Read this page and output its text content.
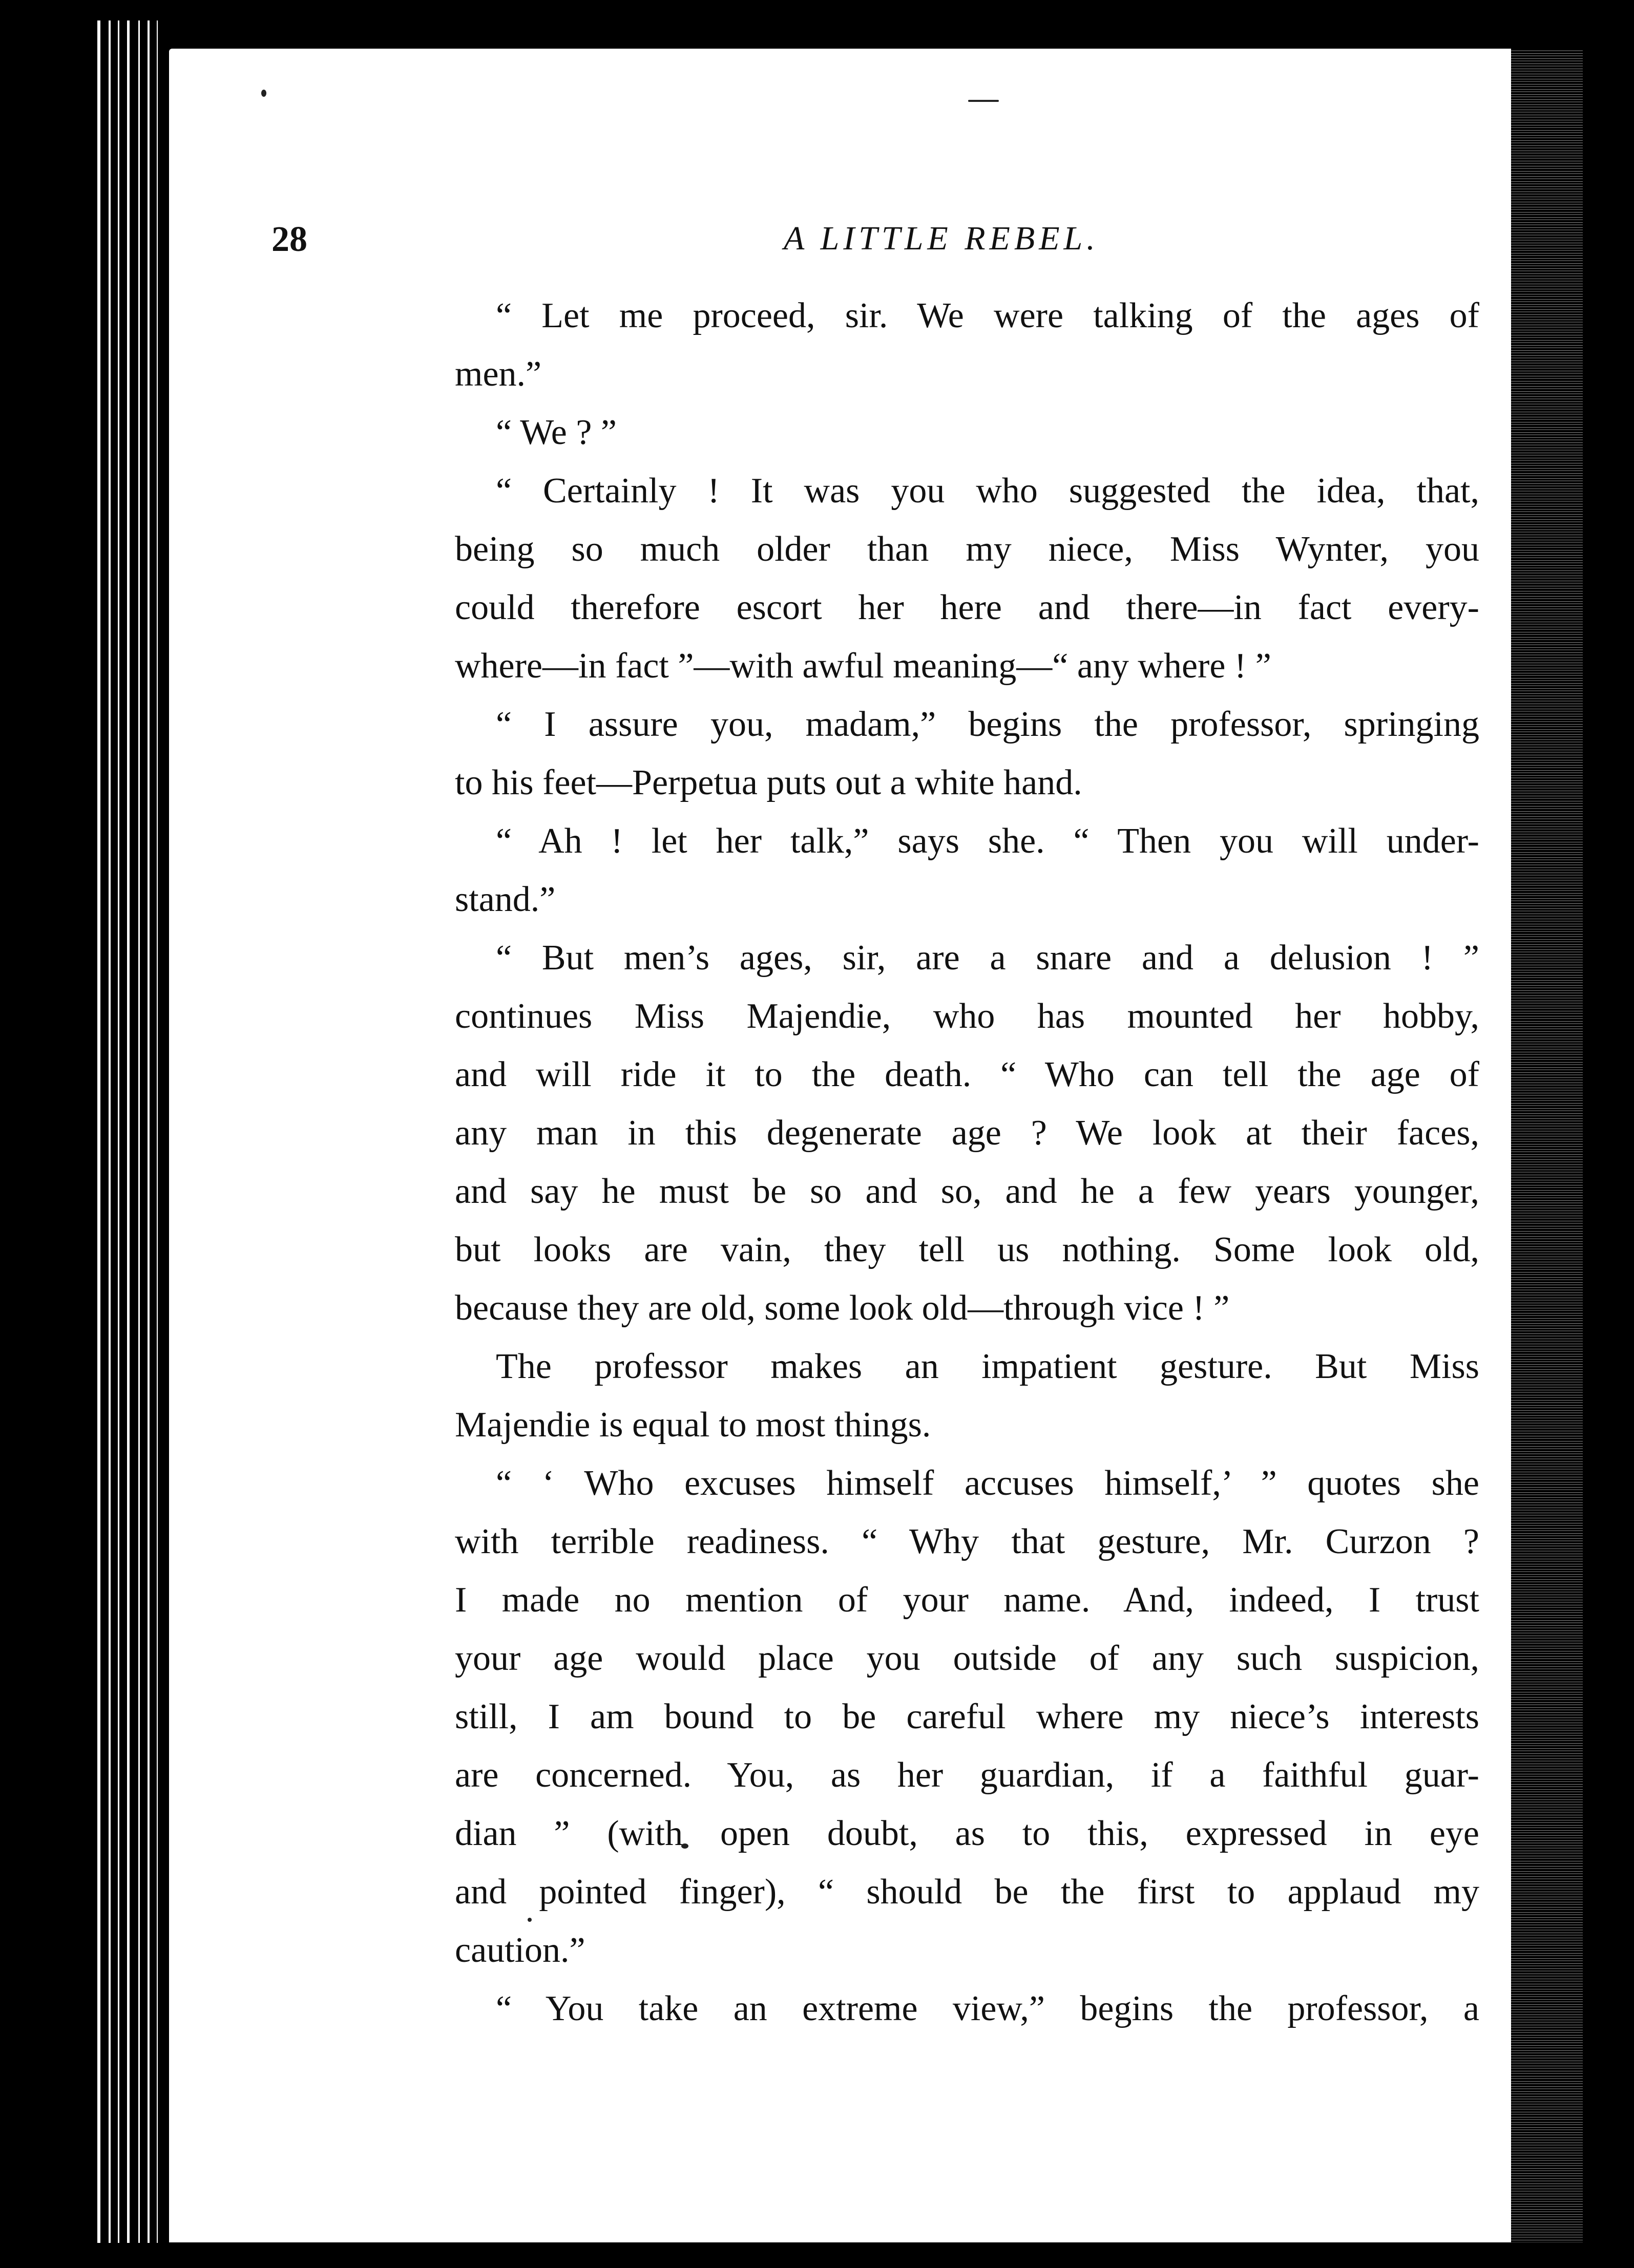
28	A LITTLE REBEL.
“ Let me proceed, sir. We were talking of the ages of
men.”
“ We ? ”
“ Certainly ! It was you who suggested the idea, that,
being so much older than my niece, Miss Wynter, you
could therefore escort her here and there—in fact every-
where—in fact ”—with awful meaning—“ any where ! ”
“ I assure you, madam,” begins the professor, springing
to his feet—Perpetua puts out a white hand.
“ Ah ! let her talk,” says she. “ Then you will under-
stand.”
“ But men’s ages, sir, are a snare and a delusion ! ”
continues Miss Majendie, who has mounted her hobby,
and will ride it to the death. “ Who can tell the age of
any man in this degenerate age ? We look at their faces,
and say he must be so and so, and he a few years younger,
but looks are vain, they tell us nothing. Some look old,
because they are old, some look old—through vice ! ”
The professor makes an impatient gesture. But Miss
Majendie is equal to most things.
“ ‘ Who excuses himself accuses himself,’ ” quotes she
with terrible readiness. “ Why that gesture, Mr. Curzon ?
I made no mention of your name. And, indeed, I trust
your age would place you outside of any such suspicion,
still, I am bound to be careful where my niece’s interests
are concerned. You, as her guardian, if a faithful guar-
dian ” (with open doubt, as to this, expressed in eye
and pointed finger), “ should be the first to applaud my
caution.”
“ You take an extreme view,” begins the professor, a
